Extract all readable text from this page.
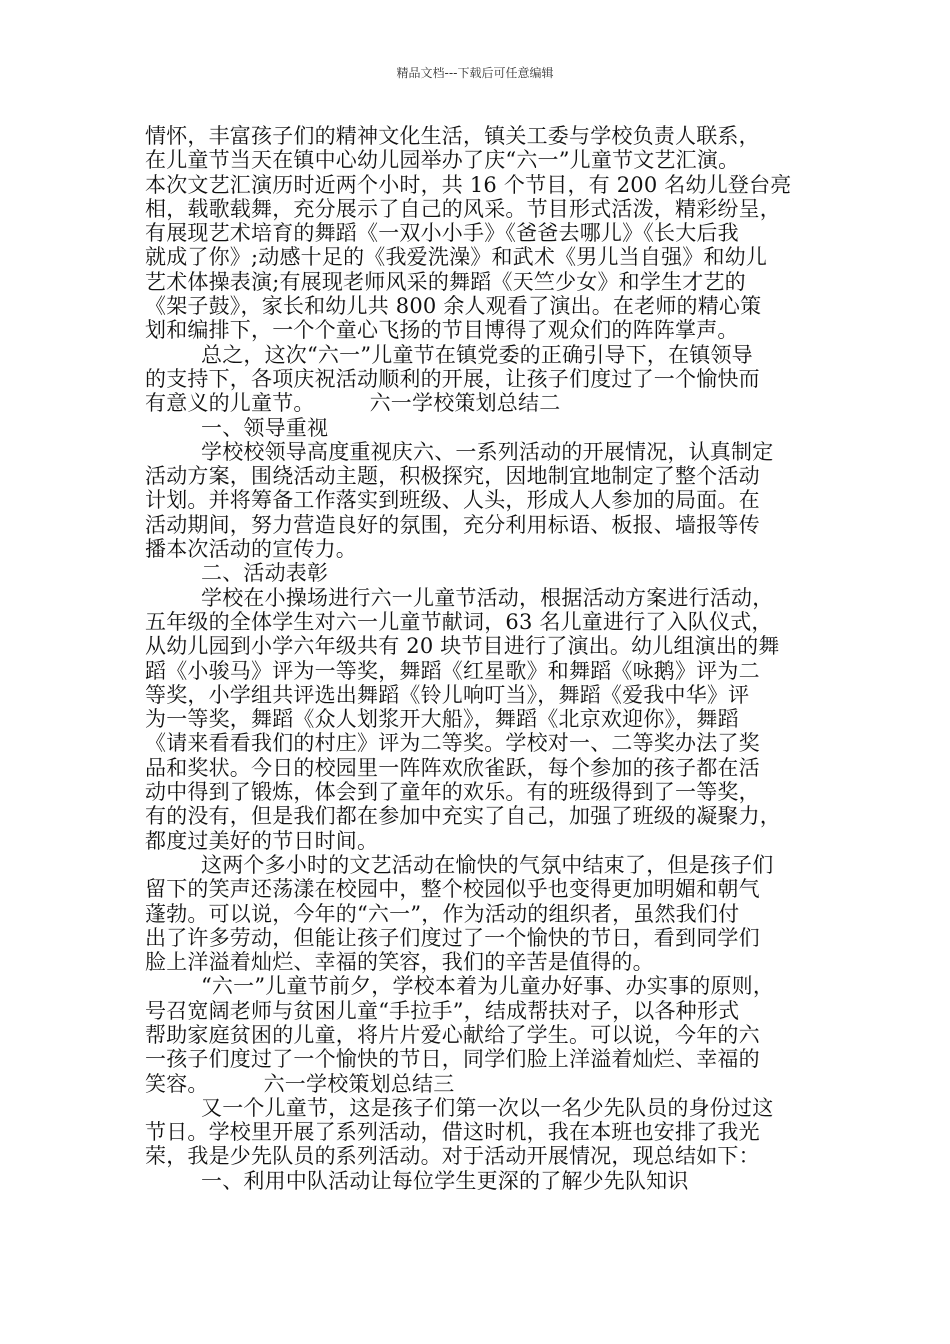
精品文档---下载后可任意编辑
情怀，丰富孩子们的精神文化生活，镇关工委与学校负责人联系，
在儿童节当天在镇中心幼儿园举办了庆“六一”儿童节文艺汇演。
本次文艺汇演历时近两个小时，共 16 个节目，有 200 名幼儿登台亮
相，载歌载舞，充分展示了自己的风采。节目形式活泼，精彩纷呈，
有展现艺术培育的舞蹈《一双小小手》《爸爸去哪儿》《长大后我
就成了你》;动感十足的《我爱洗澡》和武术《男儿当自强》和幼儿
艺术体操表演;有展现老师风采的舞蹈《天竺少女》和学生才艺的
《架子鼓》，家长和幼儿共 800 余人观看了演出。在老师的精心策
划和编排下，一个个童心飞扬的节目博得了观众们的阵阵掌声。
总之，这次“六一”儿童节在镇党委的正确引导下，在镇领导
的支持下，各项庆祝活动顺利的开展，让孩子们度过了一个愉快而
有意义的儿童节。        六一学校策划总结二
一、领导重视
学校校领导高度重视庆六、一系列活动的开展情况，认真制定
活动方案，围绕活动主题，积极探究，因地制宜地制定了整个活动
计划。并将筹备工作落实到班级、人头，形成人人参加的局面。在
活动期间，努力营造良好的氛围，充分利用标语、板报、墙报等传
播本次活动的宣传力。
二、活动表彰
学校在小操场进行六一儿童节活动，根据活动方案进行活动，
五年级的全体学生对六一儿童节献词，63 名儿童进行了入队仪式，
从幼儿园到小学六年级共有 20 块节目进行了演出。幼儿组演出的舞
蹈《小骏马》评为一等奖，舞蹈《红星歌》和舞蹈《咏鹅》评为二
等奖，小学组共评选出舞蹈《铃儿响叮当》，舞蹈《爱我中华》评
为一等奖，舞蹈《众人划浆开大船》，舞蹈《北京欢迎你》，舞蹈
《请来看看我们的村庄》评为二等奖。学校对一、二等奖办法了奖
品和奖状。今日的校园里一阵阵欢欣雀跃，每个参加的孩子都在活
动中得到了锻炼，体会到了童年的欢乐。有的班级得到了一等奖，
有的没有，但是我们都在参加中充实了自己，加强了班级的凝聚力，
都度过美好的节日时间。
这两个多小时的文艺活动在愉快的气氛中结束了，但是孩子们
留下的笑声还荡漾在校园中，整个校园似乎也变得更加明媚和朝气
蓬勃。可以说，今年的“六一”，作为活动的组织者，虽然我们付
出了许多劳动，但能让孩子们度过了一个愉快的节日，看到同学们
脸上洋溢着灿烂、幸福的笑容，我们的辛苦是值得的。
“六一”儿童节前夕，学校本着为儿童办好事、办实事的原则，
号召宽阔老师与贫困儿童“手拉手”，结成帮扶对子，以各种形式
帮助家庭贫困的儿童，将片片爱心献给了学生。可以说，今年的六
一孩子们度过了一个愉快的节日，同学们脸上洋溢着灿烂、幸福的
笑容。        六一学校策划总结三
又一个儿童节，这是孩子们第一次以一名少先队员的身份过这
节日。学校里开展了系列活动，借这时机，我在本班也安排了我光
荣，我是少先队员的系列活动。对于活动开展情况，现总结如下：
一、利用中队活动让每位学生更深的了解少先队知识
